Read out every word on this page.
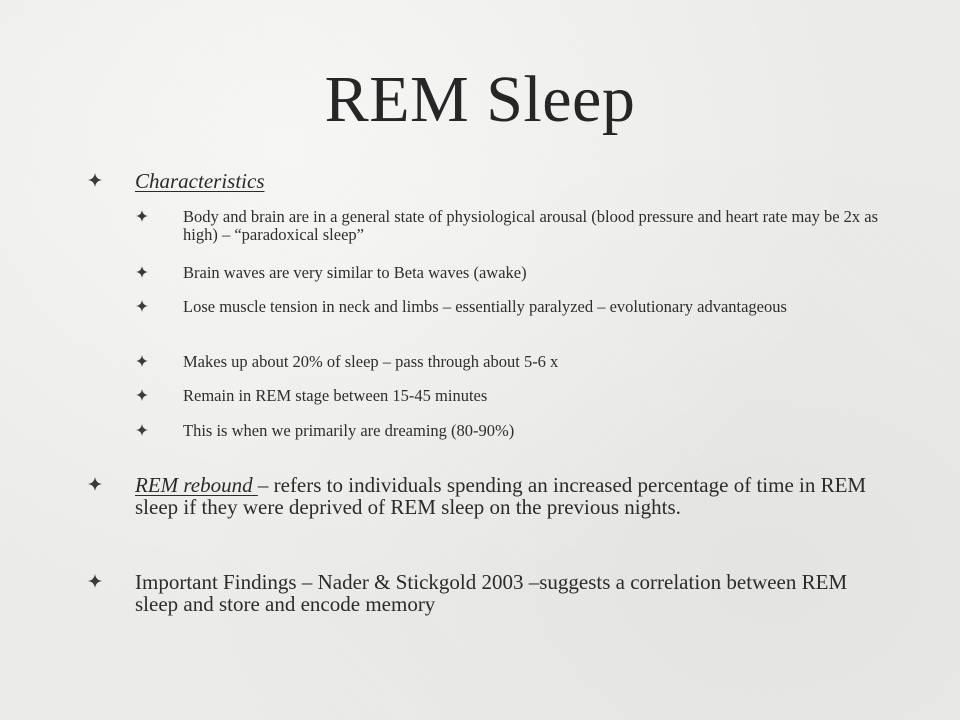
REM Sleep
Characteristics
Body and brain are in a general state of physiological arousal (blood pressure and heart rate may be 2x as high) – “paradoxical sleep”
Brain waves are very similar to Beta waves (awake)
Lose muscle tension in neck and limbs – essentially paralyzed – evolutionary advantageous
Makes up about 20% of sleep – pass through about 5-6 x
Remain in REM stage between 15-45 minutes
This is when we primarily are dreaming (80-90%)
REM rebound – refers to individuals spending an increased percentage of time in REM sleep if they were deprived of REM sleep on the previous nights.
Important Findings – Nader & Stickgold 2003 –suggests a correlation between REM sleep and store and encode memory
